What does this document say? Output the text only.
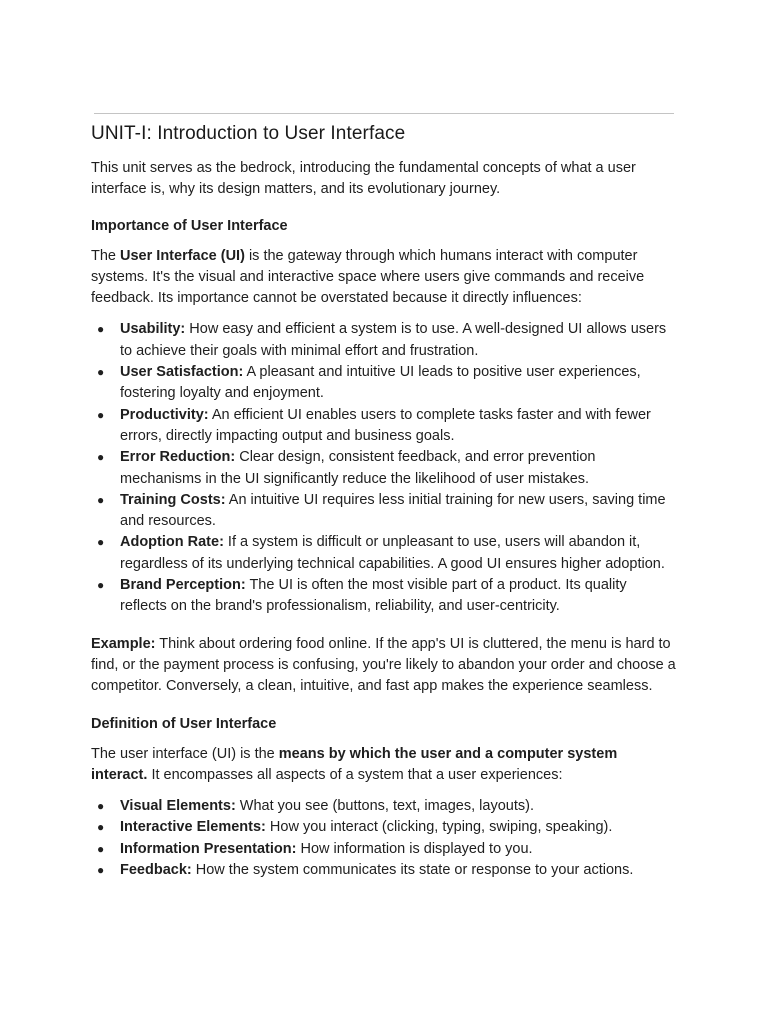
UNIT-I: Introduction to User Interface

This unit serves as the bedrock, introducing the fundamental concepts of what a user interface is, why its design matters, and its evolutionary journey.

Importance of User Interface

The User Interface (UI) is the gateway through which humans interact with computer systems. It's the visual and interactive space where users give commands and receive feedback. Its importance cannot be overstated because it directly influences:

● Usability: How easy and efficient a system is to use. A well-designed UI allows users to achieve their goals with minimal effort and frustration.
● User Satisfaction: A pleasant and intuitive UI leads to positive user experiences, fostering loyalty and enjoyment.
● Productivity: An efficient UI enables users to complete tasks faster and with fewer errors, directly impacting output and business goals.
● Error Reduction: Clear design, consistent feedback, and error prevention mechanisms in the UI significantly reduce the likelihood of user mistakes.
● Training Costs: An intuitive UI requires less initial training for new users, saving time and resources.
● Adoption Rate: If a system is difficult or unpleasant to use, users will abandon it, regardless of its underlying technical capabilities. A good UI ensures higher adoption.
● Brand Perception: The UI is often the most visible part of a product. Its quality reflects on the brand's professionalism, reliability, and user-centricity.

Example: Think about ordering food online. If the app's UI is cluttered, the menu is hard to find, or the payment process is confusing, you're likely to abandon your order and choose a competitor. Conversely, a clean, intuitive, and fast app makes the experience seamless.

Definition of User Interface

The user interface (UI) is the means by which the user and a computer system interact. It encompasses all aspects of a system that a user experiences:

● Visual Elements: What you see (buttons, text, images, layouts).
● Interactive Elements: How you interact (clicking, typing, swiping, speaking).
● Information Presentation: How information is displayed to you.
● Feedback: How the system communicates its state or response to your actions.
